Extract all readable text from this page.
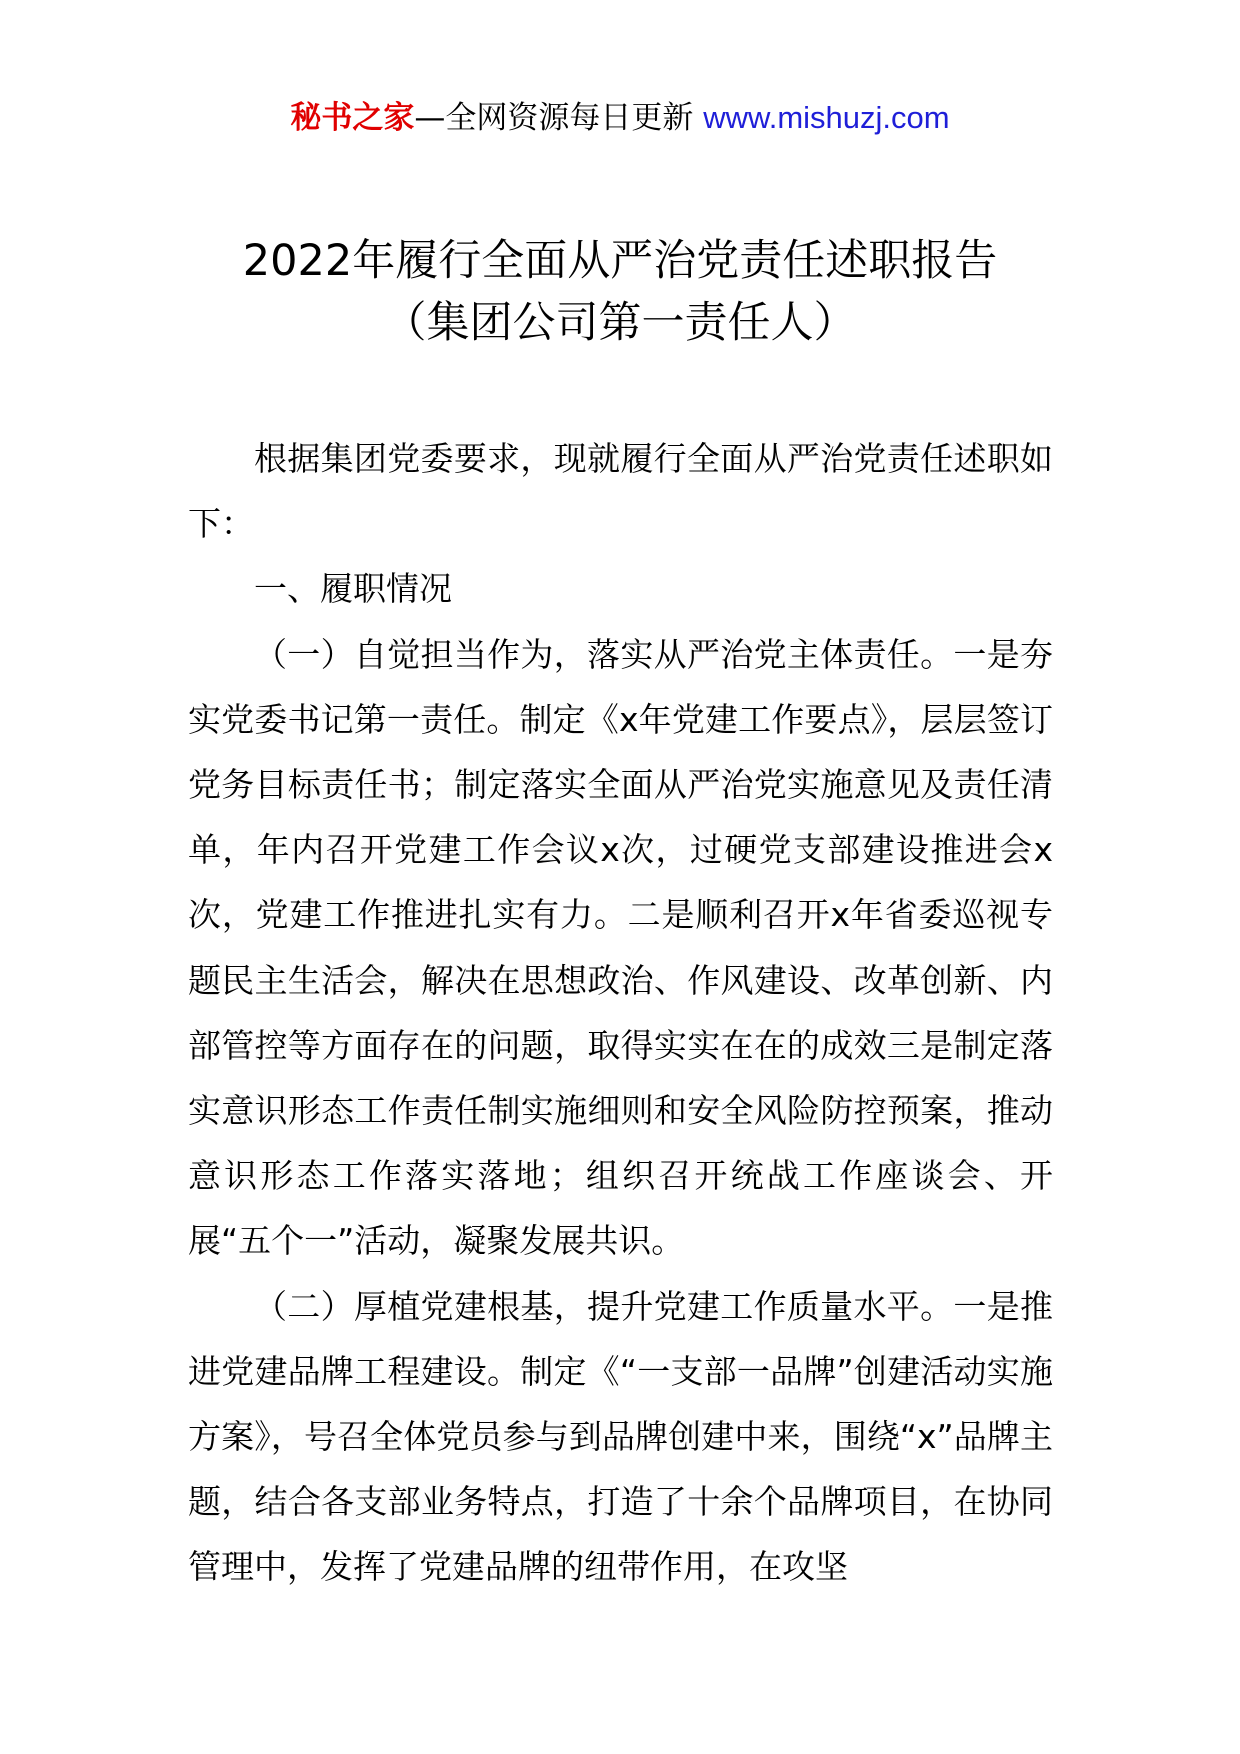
秘书之家—全网资源每日更新 www.mishuzj.com
2022年履行全面从严治党责任述职报告
（集团公司第一责任人）

根据集团党委要求，现就履行全面从严治党责任述职如下：

一、履职情况

（一）自觉担当作为，落实从严治党主体责任。一是夯实党委书记第一责任。制定《x年党建工作要点》，层层签订党务目标责任书；制定落实全面从严治党实施意见及责任清单，年内召开党建工作会议x次，过硬党支部建设推进会x次，党建工作推进扎实有力。二是顺利召开x年省委巡视专题民主生活会，解决在思想政治、作风建设、改革创新、内部管控等方面存在的问题，取得实实在在的成效三是制定落实意识形态工作责任制实施细则和安全风险防控预案，推动意识形态工作落实落地；组织召开统战工作座谈会、开展“五个一”活动，凝聚发展共识。

（二）厚植党建根基，提升党建工作质量水平。一是推进党建品牌工程建设。制定《“一支部一品牌”创建活动实施方案》，号召全体党员参与到品牌创建中来，围绕“x”品牌主题，结合各支部业务特点，打造了十余个品牌项目，在协同管理中，发挥了党建品牌的纽带作用，在攻坚
